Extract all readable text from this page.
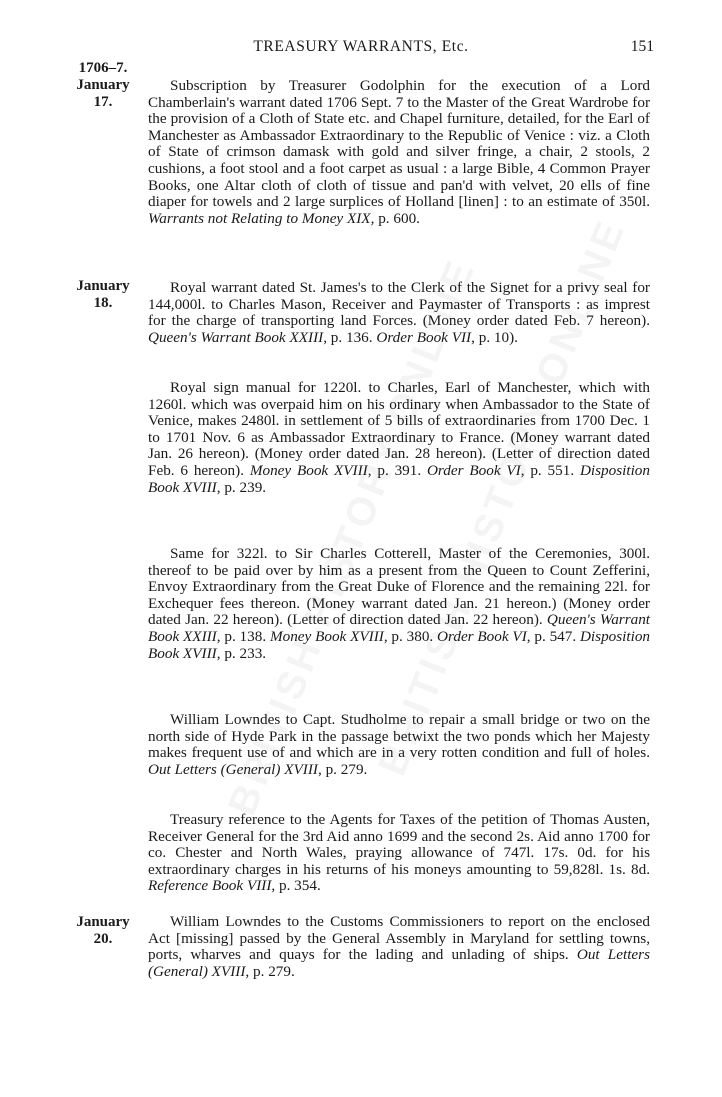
TREASURY WARRANTS, Etc.	151
1706–7.
January
17.
January
18.
January
20.

Subscription by Treasurer Godolphin for the execution of a Lord Chamberlain's warrant dated 1706 Sept. 7 to the Master of the Great Wardrobe for the provision of a Cloth of State etc. and Chapel furniture, detailed, for the Earl of Manchester as Ambassador Extraordinary to the Republic of Venice : viz. a Cloth of State of crimson damask with gold and silver fringe, a chair, 2 stools, 2 cushions, a foot stool and a foot carpet as usual : a large Bible, 4 Common Prayer Books, one Altar cloth of cloth of tissue and pan'd with velvet, 20 ells of fine diaper for towels and 2 large surplices of Holland [linen] : to an estimate of 350l. Warrants not Relating to Money XIX, p. 600.

Royal warrant dated St. James's to the Clerk of the Signet for a privy seal for 144,000l. to Charles Mason, Receiver and Paymaster of Transports : as imprest for the charge of transporting land Forces. (Money order dated Feb. 7 hereon). Queen's Warrant Book XXIII, p. 136. Order Book VII, p. 10).

Royal sign manual for 1220l. to Charles, Earl of Manchester, which with 1260l. which was overpaid him on his ordinary when Ambassador to the State of Venice, makes 2480l. in settlement of 5 bills of extraordinaries from 1700 Dec. 1 to 1701 Nov. 6 as Ambassador Extraordinary to France. (Money warrant dated Jan. 26 hereon). (Money order dated Jan. 28 hereon). (Letter of direction dated Feb. 6 hereon). Money Book XVIII, p. 391. Order Book VI, p. 551. Disposition Book XVIII, p. 239.

Same for 322l. to Sir Charles Cotterell, Master of the Ceremonies, 300l. thereof to be paid over by him as a present from the Queen to Count Zefferini, Envoy Extraordinary from the Great Duke of Florence and the remaining 22l. for Exchequer fees thereon. (Money warrant dated Jan. 21 hereon.) (Money order dated Jan. 22 hereon). (Letter of direction dated Jan. 22 hereon). Queen's Warrant Book XXIII, p. 138. Money Book XVIII, p. 380. Order Book VI, p. 547. Disposition Book XVIII, p. 233.

William Lowndes to Capt. Studholme to repair a small bridge or two on the north side of Hyde Park in the passage betwixt the two ponds which her Majesty makes frequent use of and which are in a very rotten condition and full of holes. Out Letters (General) XVIII, p. 279.

Treasury reference to the Agents for Taxes of the petition of Thomas Austen, Receiver General for the 3rd Aid anno 1699 and the second 2s. Aid anno 1700 for co. Chester and North Wales, praying allowance of 747l. 17s. 0d. for his extraordinary charges in his returns of his moneys amounting to 59,828l. 1s. 8d. Reference Book VIII, p. 354.

William Lowndes to the Customs Commissioners to report on the enclosed Act [missing] passed by the General Assembly in Maryland for settling towns, ports, wharves and quays for the lading and unlading of ships. Out Letters (General) XVIII, p. 279.
